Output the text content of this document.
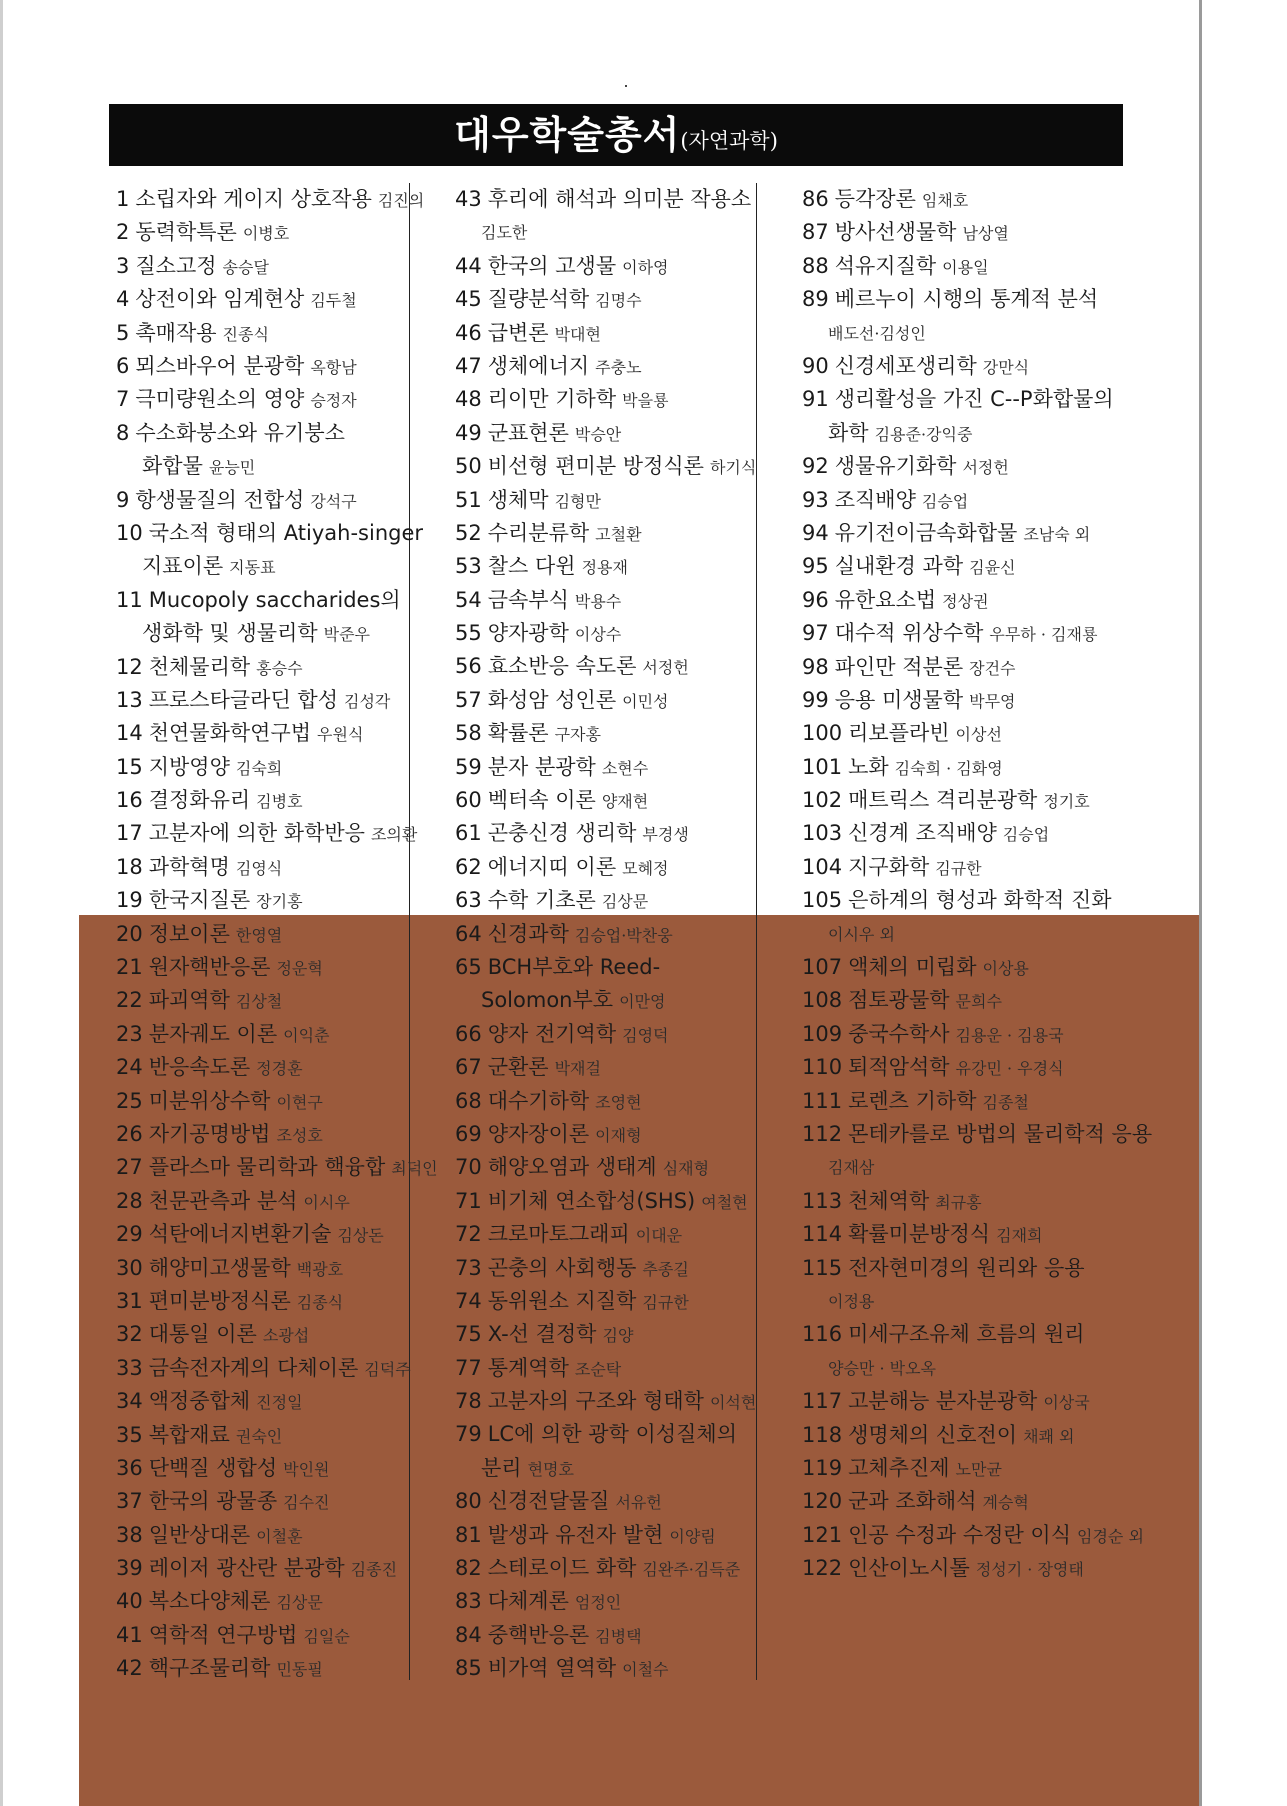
대우학술총서(자연과학)
1 소립자와 게이지 상호작용 김진의
2 동력학특론 이병호
3 질소고정 송승달
4 상전이와 임계현상 김두철
5 촉매작용 진종식
6 뫼스바우어 분광학 옥항남
7 극미량원소의 영양 승정자
8 수소화붕소와 유기붕소
화합물 윤능민
9 항생물질의 전합성 강석구
10 국소적 형태의 Atiyah-singer
지표이론 지동표
11 Mucopoly saccharides의
생화학 및 생물리학 박준우
12 천체물리학 홍승수
13 프로스타글라딘 합성 김성각
14 천연물화학연구법 우원식
15 지방영양 김숙희
16 결정화유리 김병호
17 고분자에 의한 화학반응 조의환
18 과학혁명 김영식
19 한국지질론 장기홍
20 정보이론 한영열
21 원자핵반응론 정운혁
22 파괴역학 김상철
23 분자궤도 이론 이익춘
24 반응속도론 정경훈
25 미분위상수학 이현구
26 자기공명방법 조성호
27 플라스마 물리학과 핵융합 최덕인
28 천문관측과 분석 이시우
29 석탄에너지변환기술 김상돈
30 해양미고생물학 백광호
31 편미분방정식론 김종식
32 대통일 이론 소광섭
33 금속전자계의 다체이론 김덕주
34 액정중합체 진정일
35 복합재료 권숙인
36 단백질 생합성 박인원
37 한국의 광물종 김수진
38 일반상대론 이철훈
39 레이저 광산란 분광학 김종진
40 복소다양체론 김상문
41 역학적 연구방법 김일순
42 핵구조물리학 민동필
43 후리에 해석과 의미분 작용소
김도한
44 한국의 고생물 이하영
45 질량분석학 김명수
46 급변론 박대현
47 생체에너지 주충노
48 리이만 기하학 박을룡
49 군표현론 박승안
50 비선형 편미분 방정식론 하기식
51 생체막 김형만
52 수리분류학 고철환
53 찰스 다윈 정용재
54 금속부식 박용수
55 양자광학 이상수
56 효소반응 속도론 서정헌
57 화성암 성인론 이민성
58 확률론 구자홍
59 분자 분광학 소현수
60 벡터속 이론 양재현
61 곤충신경 생리학 부경생
62 에너지띠 이론 모혜정
63 수학 기초론 김상문
64 신경과학 김승업·박찬웅
65 BCH부호와 Reed-
Solomon부호 이만영
66 양자 전기역학 김영덕
67 군환론 박재걸
68 대수기하학 조영현
69 양자장이론 이재형
70 해양오염과 생태계 심재형
71 비기체 연소합성(SHS) 여철현
72 크로마토그래피 이대운
73 곤충의 사회행동 추종길
74 동위원소 지질학 김규한
75 X-선 결정학 김양
77 통계역학 조순탁
78 고분자의 구조와 형태학 이석현
79 LC에 의한 광학 이성질체의
분리 현명호
80 신경전달물질 서유헌
81 발생과 유전자 발현 이양림
82 스테로이드 화학 김완주·김득준
83 다체계론 엄정인
84 중핵반응론 김병택
85 비가역 열역학 이철수
86 등각장론 임채호
87 방사선생물학 남상열
88 석유지질학 이용일
89 베르누이 시행의 통계적 분석
배도선·김성인
90 신경세포생리학 강만식
91 생리활성을 가진 C--P화합물의
화학 김용준·강익중
92 생물유기화학 서정헌
93 조직배양 김승업
94 유기전이금속화합물 조남숙 외
95 실내환경 과학 김윤신
96 유한요소법 정상권
97 대수적 위상수학 우무하 · 김재룡
98 파인만 적분론 장건수
99 응용 미생물학 박무영
100 리보플라빈 이상선
101 노화 김숙희 · 김화영
102 매트릭스 격리분광학 정기호
103 신경계 조직배양 김승업
104 지구화학 김규한
105 은하계의 형성과 화학적 진화
이시우 외
107 액체의 미립화 이상용
108 점토광물학 문희수
109 중국수학사 김용운 · 김용국
110 퇴적암석학 유강민 · 우경식
111 로렌츠 기하학 김종철
112 몬테카를로 방법의 물리학적 응용
김재삼
113 천체역학 최규홍
114 확률미분방정식 김재희
115 전자현미경의 원리와 응용
이정용
116 미세구조유체 흐름의 원리
양승만 · 박오옥
117 고분해능 분자분광학 이상국
118 생명체의 신호전이 채쾌 외
119 고체추진제 노만균
120 군과 조화해석 계승혁
121 인공 수정과 수정란 이식 임경순 외
122 인산이노시톨 정성기 · 장영태
